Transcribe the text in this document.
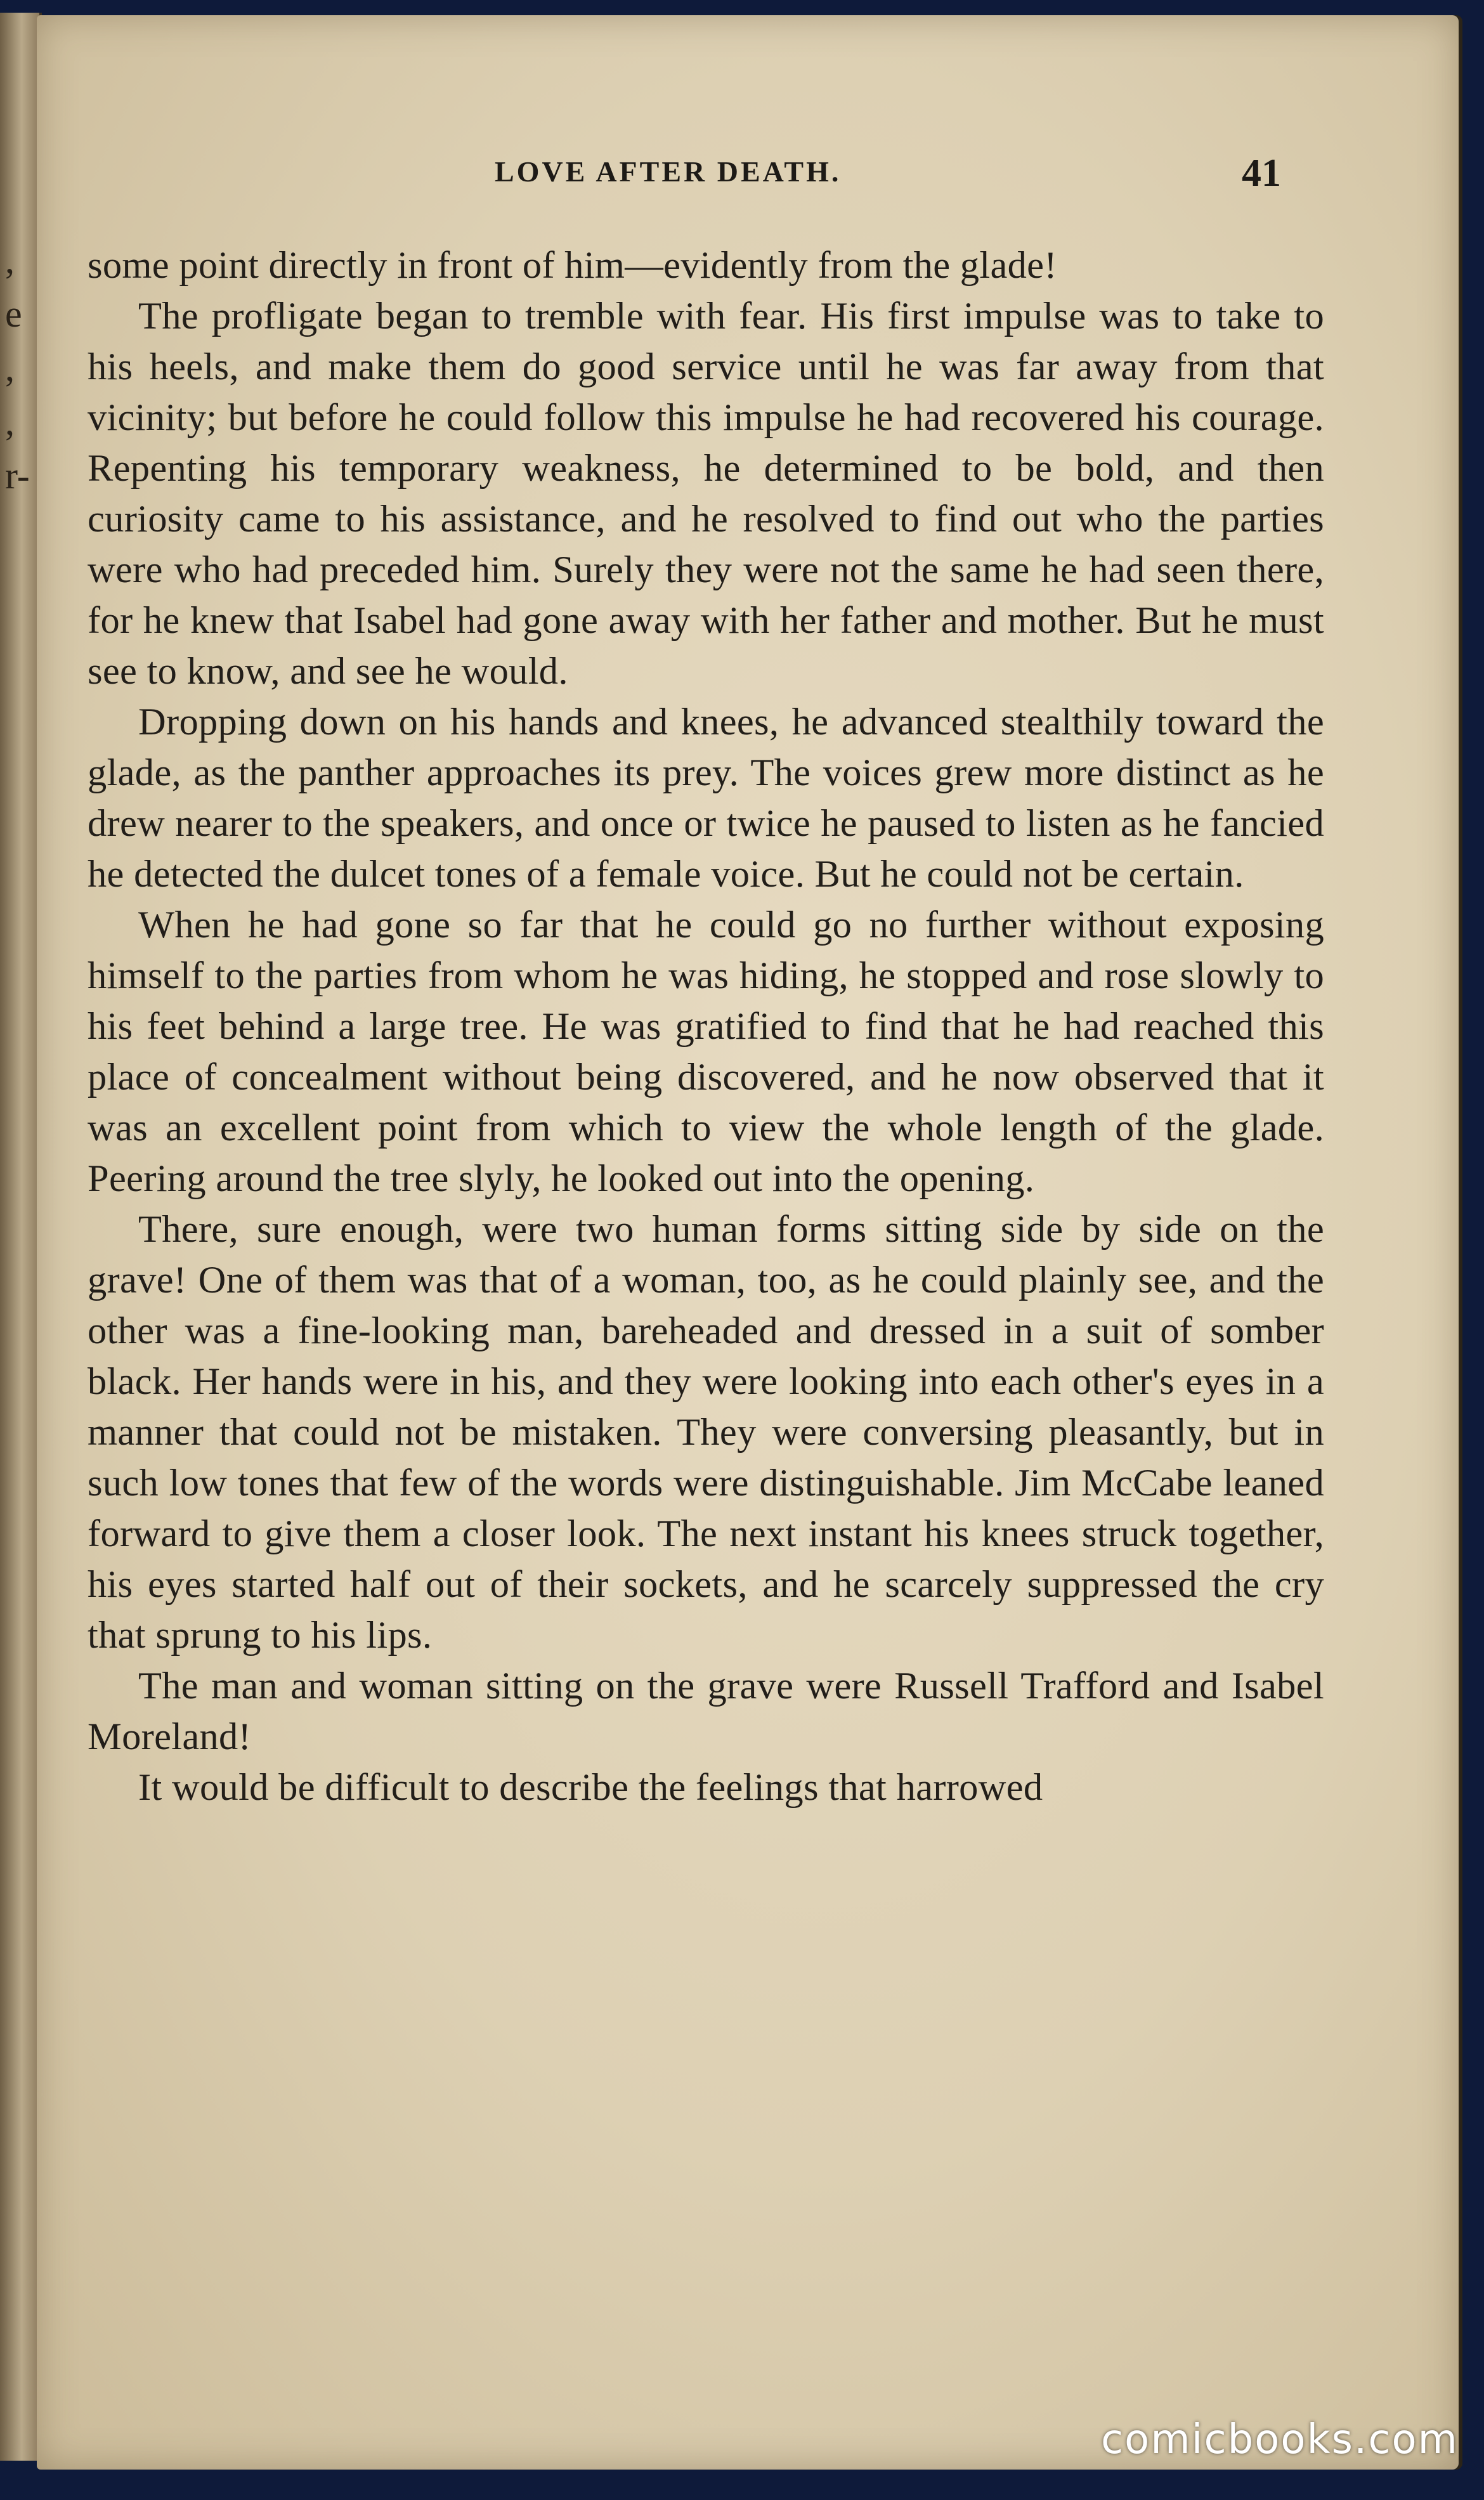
,
e
,
,
r-
LOVE AFTER DEATH.	41

some point directly in front of him—evidently from the glade!

The profligate began to tremble with fear. His first impulse was to take to his heels, and make them do good service until he was far away from that vicinity; but before he could follow this impulse he had recovered his courage. Repenting his temporary weakness, he determined to be bold, and then curiosity came to his assistance, and he resolved to find out who the parties were who had preceded him. Surely they were not the same he had seen there, for he knew that Isabel had gone away with her father and mother. But he must see to know, and see he would.

Dropping down on his hands and knees, he advanced stealthily toward the glade, as the panther approaches its prey. The voices grew more distinct as he drew nearer to the speakers, and once or twice he paused to listen as he fancied he detected the dulcet tones of a female voice. But he could not be certain.

When he had gone so far that he could go no further without exposing himself to the parties from whom he was hiding, he stopped and rose slowly to his feet behind a large tree. He was gratified to find that he had reached this place of concealment without being discovered, and he now observed that it was an excellent point from which to view the whole length of the glade. Peering around the tree slyly, he looked out into the opening.

There, sure enough, were two human forms sitting side by side on the grave! One of them was that of a woman, too, as he could plainly see, and the other was a fine-looking man, bareheaded and dressed in a suit of somber black. Her hands were in his, and they were looking into each other's eyes in a manner that could not be mistaken. They were conversing pleasantly, but in such low tones that few of the words were distinguishable. Jim McCabe leaned forward to give them a closer look. The next instant his knees struck together, his eyes started half out of their sockets, and he scarcely suppressed the cry that sprung to his lips.

The man and woman sitting on the grave were Russell Trafford and Isabel Moreland!

It would be difficult to describe the feelings that harrowed

comicbooks.com
